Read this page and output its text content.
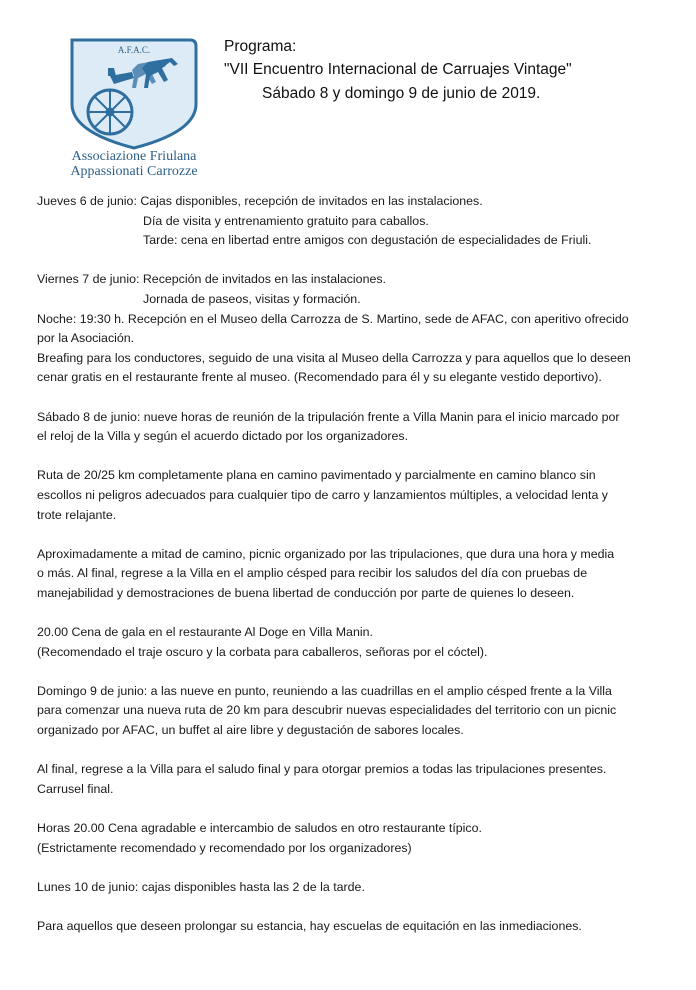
A.F.A.C.
Associazione Friulana
Appassionati Carrozze
Programa:
"VII Encuentro Internacional de Carruajes Vintage"
Sábado 8 y domingo 9 de junio de 2019.
Jueves 6 de junio: Cajas disponibles, recepción de invitados en las instalaciones.
Día de visita y entrenamiento gratuito para caballos.
Tarde: cena en libertad entre amigos con degustación de especialidades de Friuli.
Viernes 7 de junio: Recepción de invitados en las instalaciones.
Jornada de paseos, visitas y formación.
Noche: 19:30 h. Recepción en el Museo della Carrozza de S. Martino, sede de AFAC, con aperitivo ofrecido
por la Asociación.
Breafing para los conductores, seguido de una visita al Museo della Carrozza y para aquellos que lo deseen
cenar gratis en el restaurante frente al museo. (Recomendado para él y su elegante vestido deportivo).
Sábado 8 de junio: nueve horas de reunión de la tripulación frente a Villa Manin para el inicio marcado por
el reloj de la Villa y según el acuerdo dictado por los organizadores.
Ruta de 20/25 km completamente plana en camino pavimentado y parcialmente en camino blanco sin
escollos ni peligros adecuados para cualquier tipo de carro y lanzamientos múltiples, a velocidad lenta y
trote relajante.
Aproximadamente a mitad de camino, picnic organizado por las tripulaciones, que dura una hora y media
o más. Al final, regrese a la Villa en el amplio césped para recibir los saludos del día con pruebas de
manejabilidad y demostraciones de buena libertad de conducción por parte de quienes lo deseen.
20.00 Cena de gala en el restaurante Al Doge en Villa Manin.
(Recomendado el traje oscuro y la corbata para caballeros, señoras por el cóctel).
Domingo 9 de junio: a las nueve en punto, reuniendo a las cuadrillas en el amplio césped frente a la Villa
para comenzar una nueva ruta de 20 km para descubrir nuevas especialidades del territorio con un picnic
organizado por AFAC, un buffet al aire libre y degustación de sabores locales.
Al final, regrese a la Villa para el saludo final y para otorgar premios a todas las tripulaciones presentes.
Carrusel final.
Horas 20.00 Cena agradable e intercambio de saludos en otro restaurante típico.
(Estrictamente recomendado y recomendado por los organizadores)
Lunes 10 de junio: cajas disponibles hasta las 2 de la tarde.
Para aquellos que deseen prolongar su estancia, hay escuelas de equitación en las inmediaciones.
